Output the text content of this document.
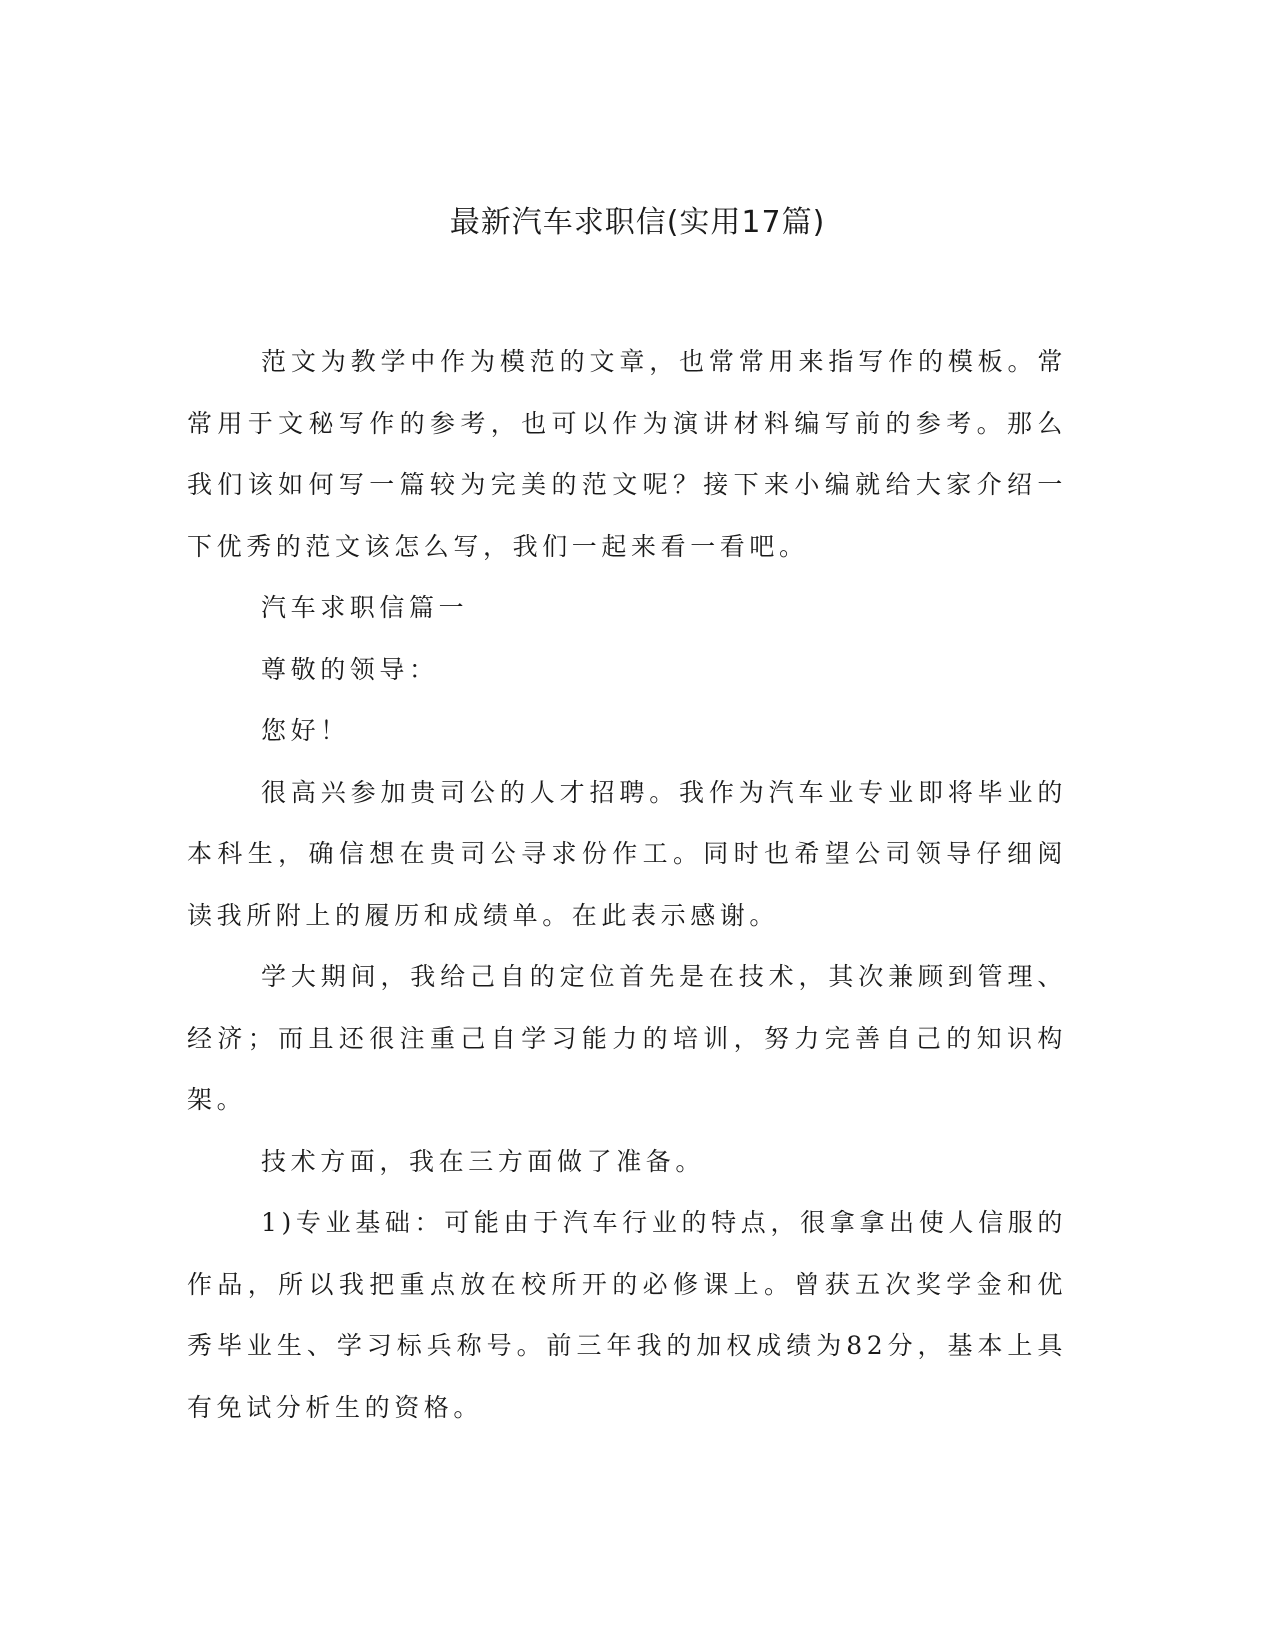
最新汽车求职信(实用17篇)

范文为教学中作为模范的文章，也常常用来指写作的模板。常常用于文秘写作的参考，也可以作为演讲材料编写前的参考。那么我们该如何写一篇较为完美的范文呢？接下来小编就给大家介绍一下优秀的范文该怎么写，我们一起来看一看吧。

汽车求职信篇一

尊敬的领导：

您好！

很高兴参加贵司公的人才招聘。我作为汽车业专业即将毕业的本科生，确信想在贵司公寻求份作工。同时也希望公司领导仔细阅读我所附上的履历和成绩单。在此表示感谢。

学大期间，我给己自的定位首先是在技术，其次兼顾到管理、经济；而且还很注重己自学习能力的培训，努力完善自己的知识构架。

技术方面，我在三方面做了准备。

1)专业基础：可能由于汽车行业的特点，很拿拿出使人信服的作品，所以我把重点放在校所开的必修课上。曾获五次奖学金和优秀毕业生、学习标兵称号。前三年我的加权成绩为82分，基本上具有免试分析生的资格。
